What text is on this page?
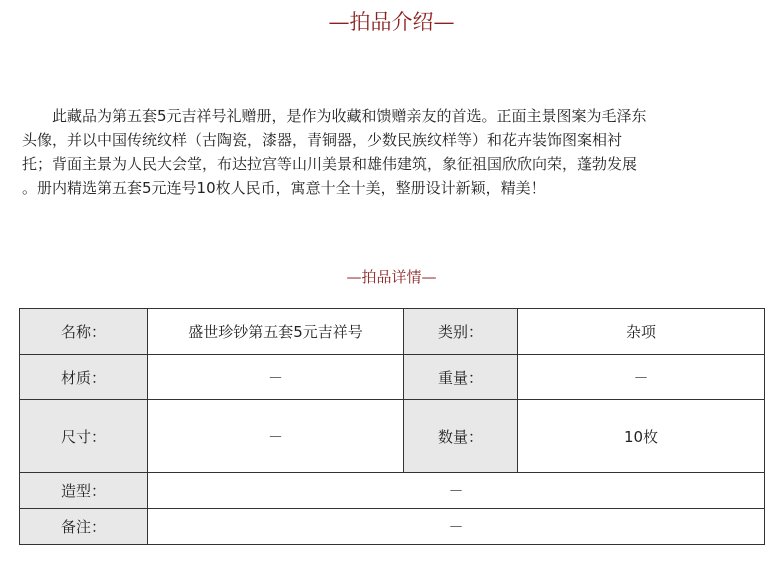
—拍品介绍—
　　此藏品为第五套5元吉祥号礼赠册，是作为收藏和馈赠亲友的首选。正面主景图案为毛泽东
头像，并以中国传统纹样（古陶瓷，漆器，青铜器，少数民族纹样等）和花卉装饰图案相衬
托；背面主景为人民大会堂，布达拉宫等山川美景和雄伟建筑，象征祖国欣欣向荣，蓬勃发展
。册内精选第五套5元连号10枚人民币，寓意十全十美，整册设计新颖，精美！
—拍品详情—
名称：	盛世珍钞第五套5元吉祥号	类别：	杂项
材质：	－	重量：	－
尺寸：	－	数量：	10枚
造型：	－		
备注：	－		
